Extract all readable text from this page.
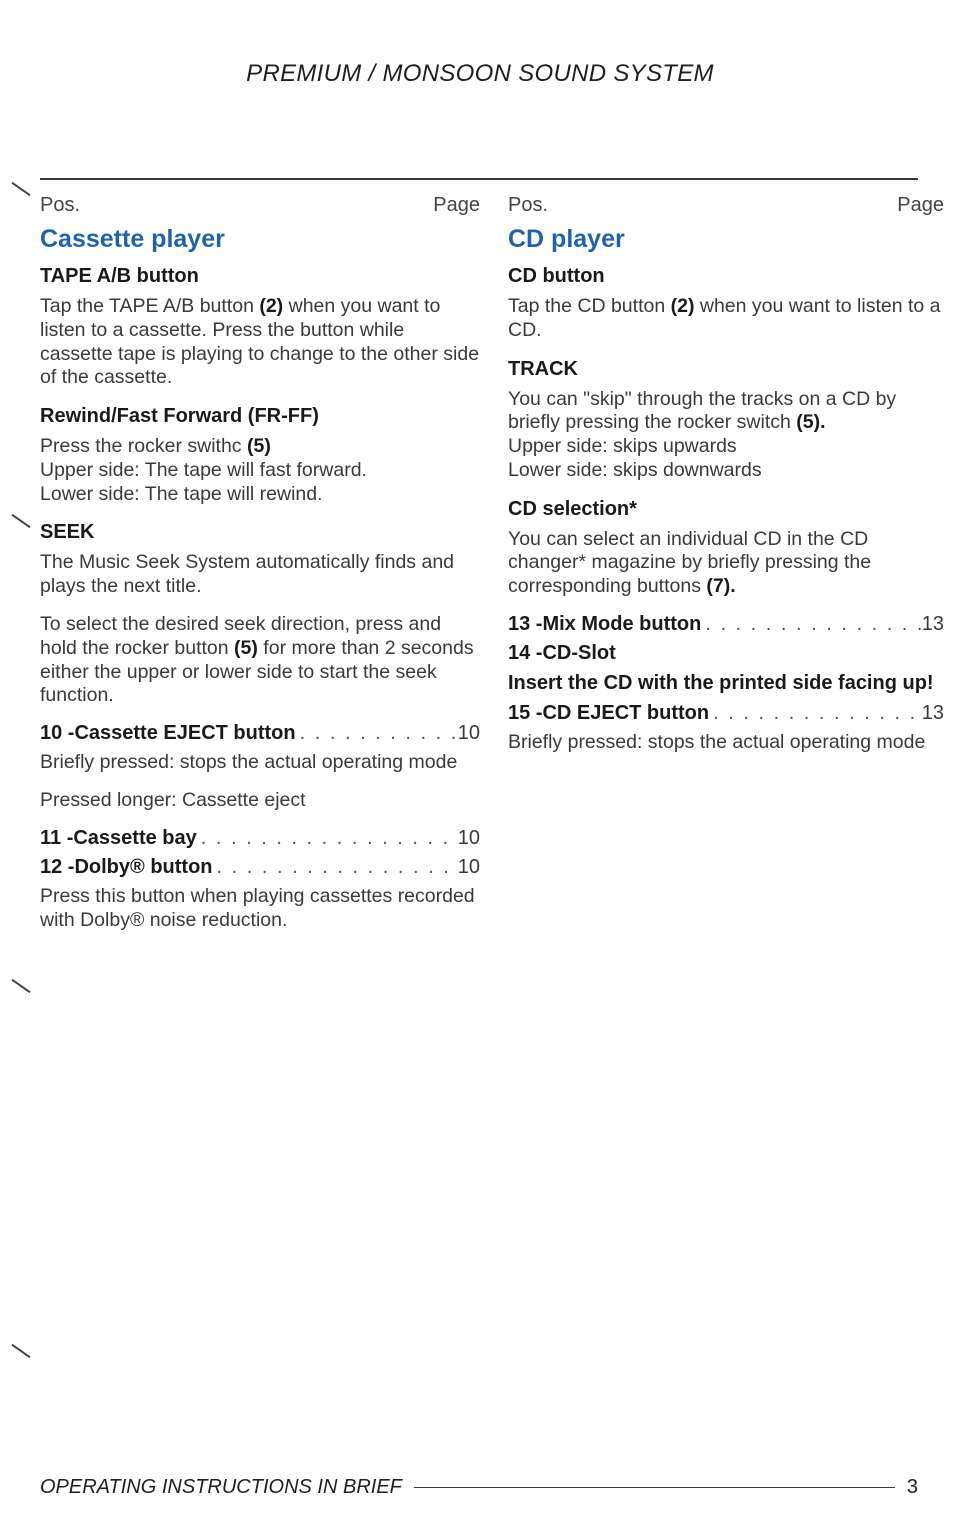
PREMIUM / MONSOON SOUND SYSTEM
Pos.	Page
Cassette player
TAPE A/B button

Tap the TAPE A/B button (2) when you want to listen to a cassette. Press the button while cassette tape is playing to change to the other side of the cassette.

Rewind/Fast Forward (FR-FF)

Press the rocker swithc (5)
Upper side: The tape will fast forward.
Lower side: The tape will rewind.

SEEK

The Music Seek System automatically finds and plays the next title.

To select the desired seek direction, press and hold the rocker button (5) for more than 2 seconds either the upper or lower side to start the seek function.

10 -Cassette EJECT button . . .	10

Briefly pressed: stops the actual operating mode

Pressed longer: Cassette eject

11 -Cassette bay . . .	10
12 -Dolby® button . . .	10

Press this button when playing cassettes recorded with Dolby® noise reduction.

Pos.	Page
CD player
CD button

Tap the CD button (2) when you want to listen to a CD.

TRACK

You can "skip" through the tracks on a CD by briefly pressing the rocker switch (5).
Upper side: skips upwards
Lower side: skips downwards

CD selection*

You can select an individual CD in the CD changer* magazine by briefly pressing the corresponding buttons (7).

13 -Mix Mode button . . .	13
14 -CD-Slot
Insert the CD with the printed side facing up!
15 -CD EJECT button . . .	13

Briefly pressed: stops the actual operating mode

OPERATING INSTRUCTIONS IN BRIEF	3
